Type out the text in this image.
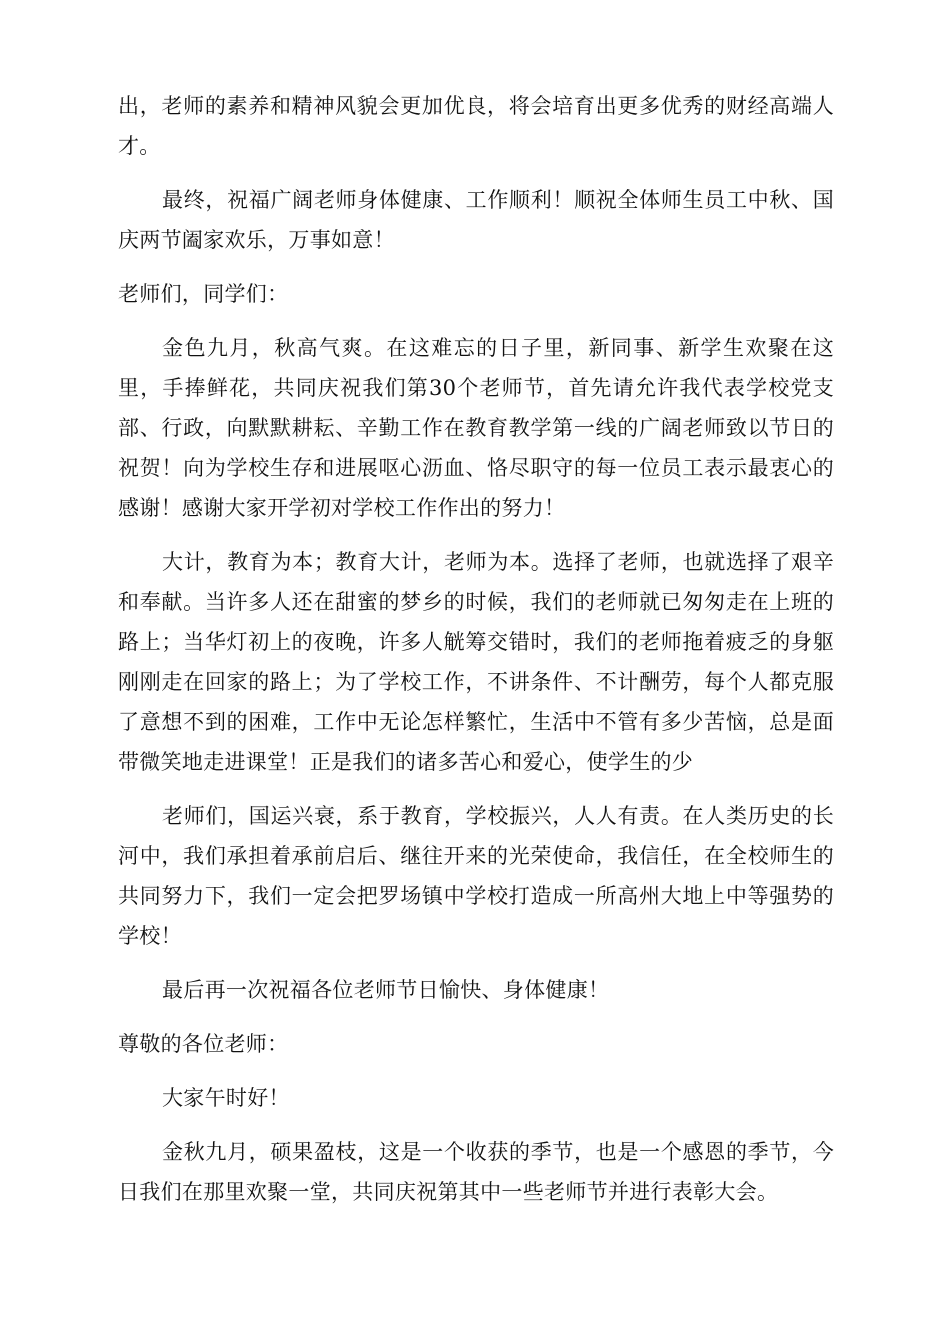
出，老师的素养和精神风貌会更加优良，将会培育出更多优秀的财经高端人才。

最终，祝福广阔老师身体健康、工作顺利！顺祝全体师生员工中秋、国庆两节阖家欢乐，万事如意！

老师们，同学们：

金色九月，秋高气爽。在这难忘的日子里，新同事、新学生欢聚在这里，手捧鲜花，共同庆祝我们第30个老师节，首先请允许我代表学校党支部、行政，向默默耕耘、辛勤工作在教育教学第一线的广阔老师致以节日的祝贺！向为学校生存和进展呕心沥血、恪尽职守的每一位员工表示最衷心的感谢！感谢大家开学初对学校工作作出的努力！

大计，教育为本；教育大计，老师为本。选择了老师，也就选择了艰辛和奉献。当许多人还在甜蜜的梦乡的时候，我们的老师就已匆匆走在上班的路上；当华灯初上的夜晚，许多人觥筹交错时，我们的老师拖着疲乏的身躯刚刚走在回家的路上；为了学校工作，不讲条件、不计酬劳，每个人都克服了意想不到的困难，工作中无论怎样繁忙，生活中不管有多少苦恼，总是面带微笑地走进课堂！正是我们的诸多苦心和爱心，使学生的少

老师们，国运兴衰，系于教育，学校振兴，人人有责。在人类历史的长河中，我们承担着承前启后、继往开来的光荣使命，我信任，在全校师生的共同努力下，我们一定会把罗场镇中学校打造成一所高州大地上中等强势的学校！

最后再一次祝福各位老师节日愉快、身体健康！

尊敬的各位老师：

大家午时好！

金秋九月，硕果盈枝，这是一个收获的季节，也是一个感恩的季节，今日我们在那里欢聚一堂，共同庆祝第其中一些老师节并进行表彰大会。
